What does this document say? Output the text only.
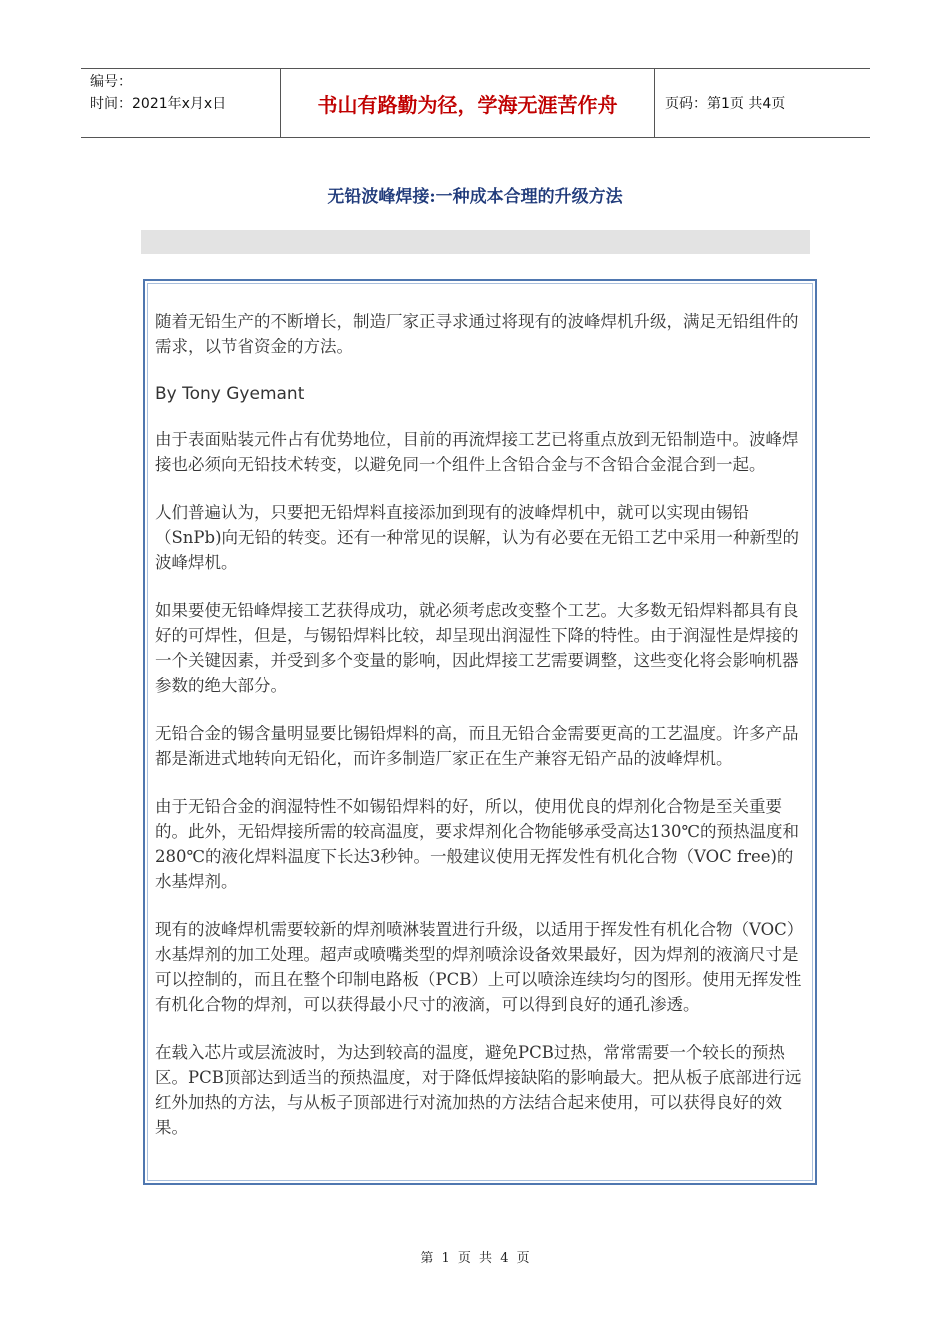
编号：
时间：2021年x月x日	书山有路勤为径，学海无涯苦作舟	页码：第1页 共4页
无铅波峰焊接:一种成本合理的升级方法

随着无铅生产的不断增长，制造厂家正寻求通过将现有的波峰焊机升级，满足无铅组件的需求，以节省资金的方法。

By Tony Gyemant

由于表面贴装元件占有优势地位，目前的再流焊接工艺已将重点放到无铅制造中。波峰焊接也必须向无铅技术转变，以避免同一个组件上含铅合金与不含铅合金混合到一起。

人们普遍认为，只要把无铅焊料直接添加到现有的波峰焊机中，就可以实现由锡铅（SnPb)向无铅的转变。还有一种常见的误解，认为有必要在无铅工艺中采用一种新型的波峰焊机。

如果要使无铅峰焊接工艺获得成功，就必须考虑改变整个工艺。大多数无铅焊料都具有良好的可焊性，但是，与锡铅焊料比较，却呈现出润湿性下降的特性。由于润湿性是焊接的一个关键因素，并受到多个变量的影响，因此焊接工艺需要调整，这些变化将会影响机器参数的绝大部分。

无铅合金的锡含量明显要比锡铅焊料的高，而且无铅合金需要更高的工艺温度。许多产品都是渐进式地转向无铅化，而许多制造厂家正在生产兼容无铅产品的波峰焊机。

由于无铅合金的润湿特性不如锡铅焊料的好，所以，使用优良的焊剂化合物是至关重要的。此外，无铅焊接所需的较高温度，要求焊剂化合物能够承受高达130℃的预热温度和280℃的液化焊料温度下长达3秒钟。一般建议使用无挥发性有机化合物（VOC free)的水基焊剂。

现有的波峰焊机需要较新的焊剂喷淋装置进行升级，以适用于挥发性有机化合物（VOC）水基焊剂的加工处理。超声或喷嘴类型的焊剂喷涂设备效果最好，因为焊剂的液滴尺寸是可以控制的，而且在整个印制电路板（PCB）上可以喷涂连续均匀的图形。使用无挥发性有机化合物的焊剂，可以获得最小尺寸的液滴，可以得到良好的通孔渗透。

在载入芯片或层流波时，为达到较高的温度，避免PCB过热，常常需要一个较长的预热区。PCB顶部达到适当的预热温度，对于降低焊接缺陷的影响最大。把从板子底部进行远红外加热的方法，与从板子顶部进行对流加热的方法结合起来使用，可以获得良好的效果。

第 1 页 共 4 页
